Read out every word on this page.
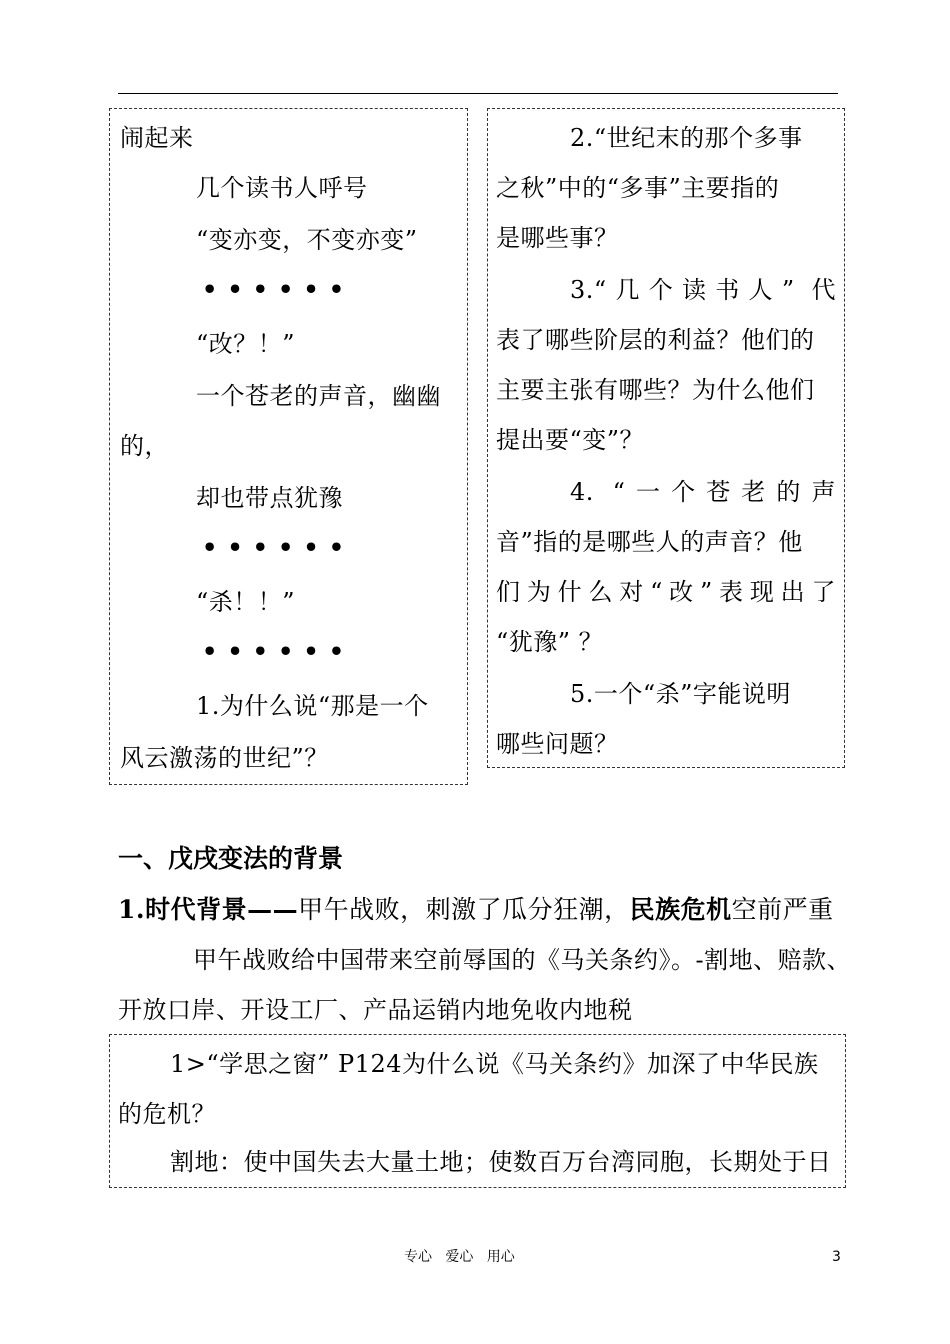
闹起来
几个读书人呼号
“变亦变，不变亦变”
••••••
“改？！”
一个苍老的声音，幽幽
的，
却也带点犹豫
••••••
“杀！！”
••••••
1.为什么说“那是一个
风云激荡的世纪”？
2.“世纪末的那个多事
之秋”中的“多事”主要指的
是哪些事？
3.“几个读书人” 代
表了哪些阶层的利益？他们的
主要主张有哪些？为什么他们
提出要“变”？
4. “一个苍老的声
音”指的是哪些人的声音？他
们为什么对“改”表现出了
“犹豫” ？
5.一个“杀”字能说明
哪些问题？
一、戊戌变法的背景
1.时代背景——甲午战败，刺激了瓜分狂潮，民族危机空前严重
甲午战败给中国带来空前辱国的《马关条约》。-割地、赔款、
开放口岸、开设工厂、产品运销内地免收内地税
1>“学思之窗” P124为什么说《马关条约》加深了中华民族
的危机？
割地：使中国失去大量土地；使数百万台湾同胞，长期处于日
专心   爱心   用心	3
